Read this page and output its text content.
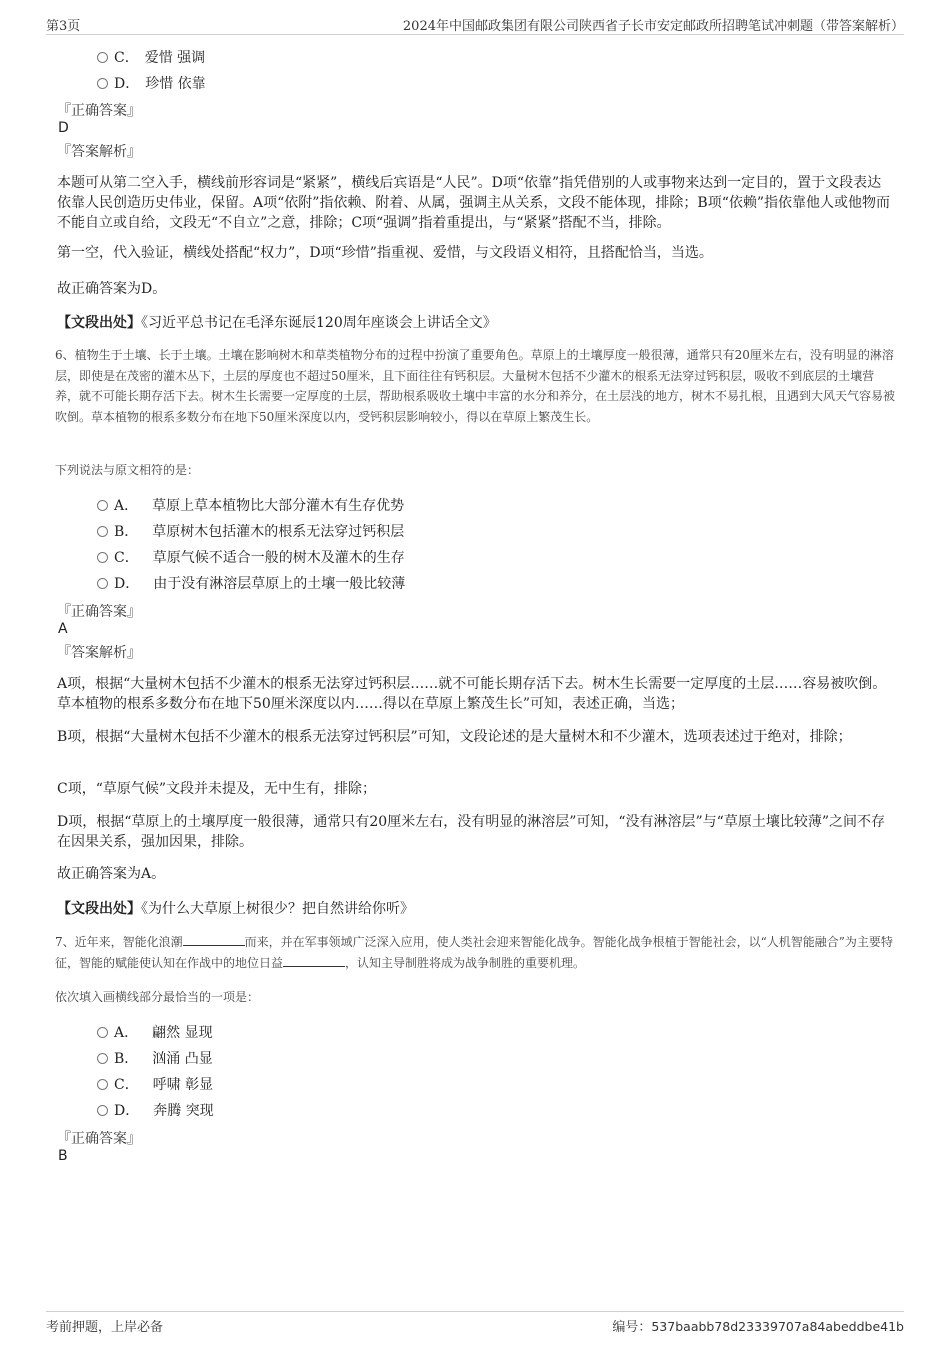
第3页	2024年中国邮政集团有限公司陕西省子长市安定邮政所招聘笔试冲刺题（带答案解析）
C． 爱惜 强调
D． 珍惜 依靠
『正确答案』
D
『答案解析』
本题可从第二空入手，横线前形容词是“紧紧”，横线后宾语是“人民”。D项“依靠”指凭借别的人或事物来达到一定目的，置于文段表达依靠人民创造历史伟业，保留。A项“依附”指依赖、附着、从属，强调主从关系，文段不能体现，排除；B项“依赖”指依靠他人或他物而不能自立或自给，文段无“不自立”之意，排除；C项“强调”指着重提出，与“紧紧”搭配不当，排除。
第一空，代入验证，横线处搭配“权力”，D项“珍惜”指重视、爱惜，与文段语义相符，且搭配恰当，当选。
故正确答案为D。
【文段出处】《习近平总书记在毛泽东诞辰120周年座谈会上讲话全文》
6、植物生于土壤、长于土壤。土壤在影响树木和草类植物分布的过程中扮演了重要角色。草原上的土壤厚度一般很薄，通常只有20厘米左右，没有明显的淋溶层，即使是在茂密的灌木丛下，土层的厚度也不超过50厘米，且下面往往有钙积层。大量树木包括不少灌木的根系无法穿过钙积层，吸收不到底层的土壤营养，就不可能长期存活下去。树木生长需要一定厚度的土层，帮助根系吸收土壤中丰富的水分和养分，在土层浅的地方，树木不易扎根，且遇到大风天气容易被吹倒。草本植物的根系多数分布在地下50厘米深度以内，受钙积层影响较小，得以在草原上繁茂生长。
下列说法与原文相符的是：
A． 草原上草本植物比大部分灌木有生存优势
B． 草原树木包括灌木的根系无法穿过钙积层
C． 草原气候不适合一般的树木及灌木的生存
D． 由于没有淋溶层草原上的土壤一般比较薄
『正确答案』
A
『答案解析』
A项，根据“大量树木包括不少灌木的根系无法穿过钙积层……就不可能长期存活下去。树木生长需要一定厚度的土层……容易被吹倒。草本植物的根系多数分布在地下50厘米深度以内……得以在草原上繁茂生长”可知，表述正确，当选；
B项，根据“大量树木包括不少灌木的根系无法穿过钙积层”可知，文段论述的是大量树木和不少灌木，选项表述过于绝对，排除；
C项，“草原气候”文段并未提及，无中生有，排除；
D项，根据“草原上的土壤厚度一般很薄，通常只有20厘米左右，没有明显的淋溶层”可知，“没有淋溶层”与“草原土壤比较薄”之间不存在因果关系，强加因果，排除。
故正确答案为A。
【文段出处】《为什么大草原上树很少？把自然讲给你听》
7、近年来，智能化浪潮	而来，并在军事领域广泛深入应用，使人类社会迎来智能化战争。智能化战争根植于智能社会，以“人机智能融合”为主要特征，智能的赋能使认知在作战中的地位日益	，认知主导制胜将成为战争制胜的重要机理。
依次填入画横线部分最恰当的一项是：
A． 翩然 显现
B． 汹涌 凸显
C． 呼啸 彰显
D． 奔腾 突现
『正确答案』
B
考前押题，上岸必备	编号：537baabb78d23339707a84abeddbe41b
